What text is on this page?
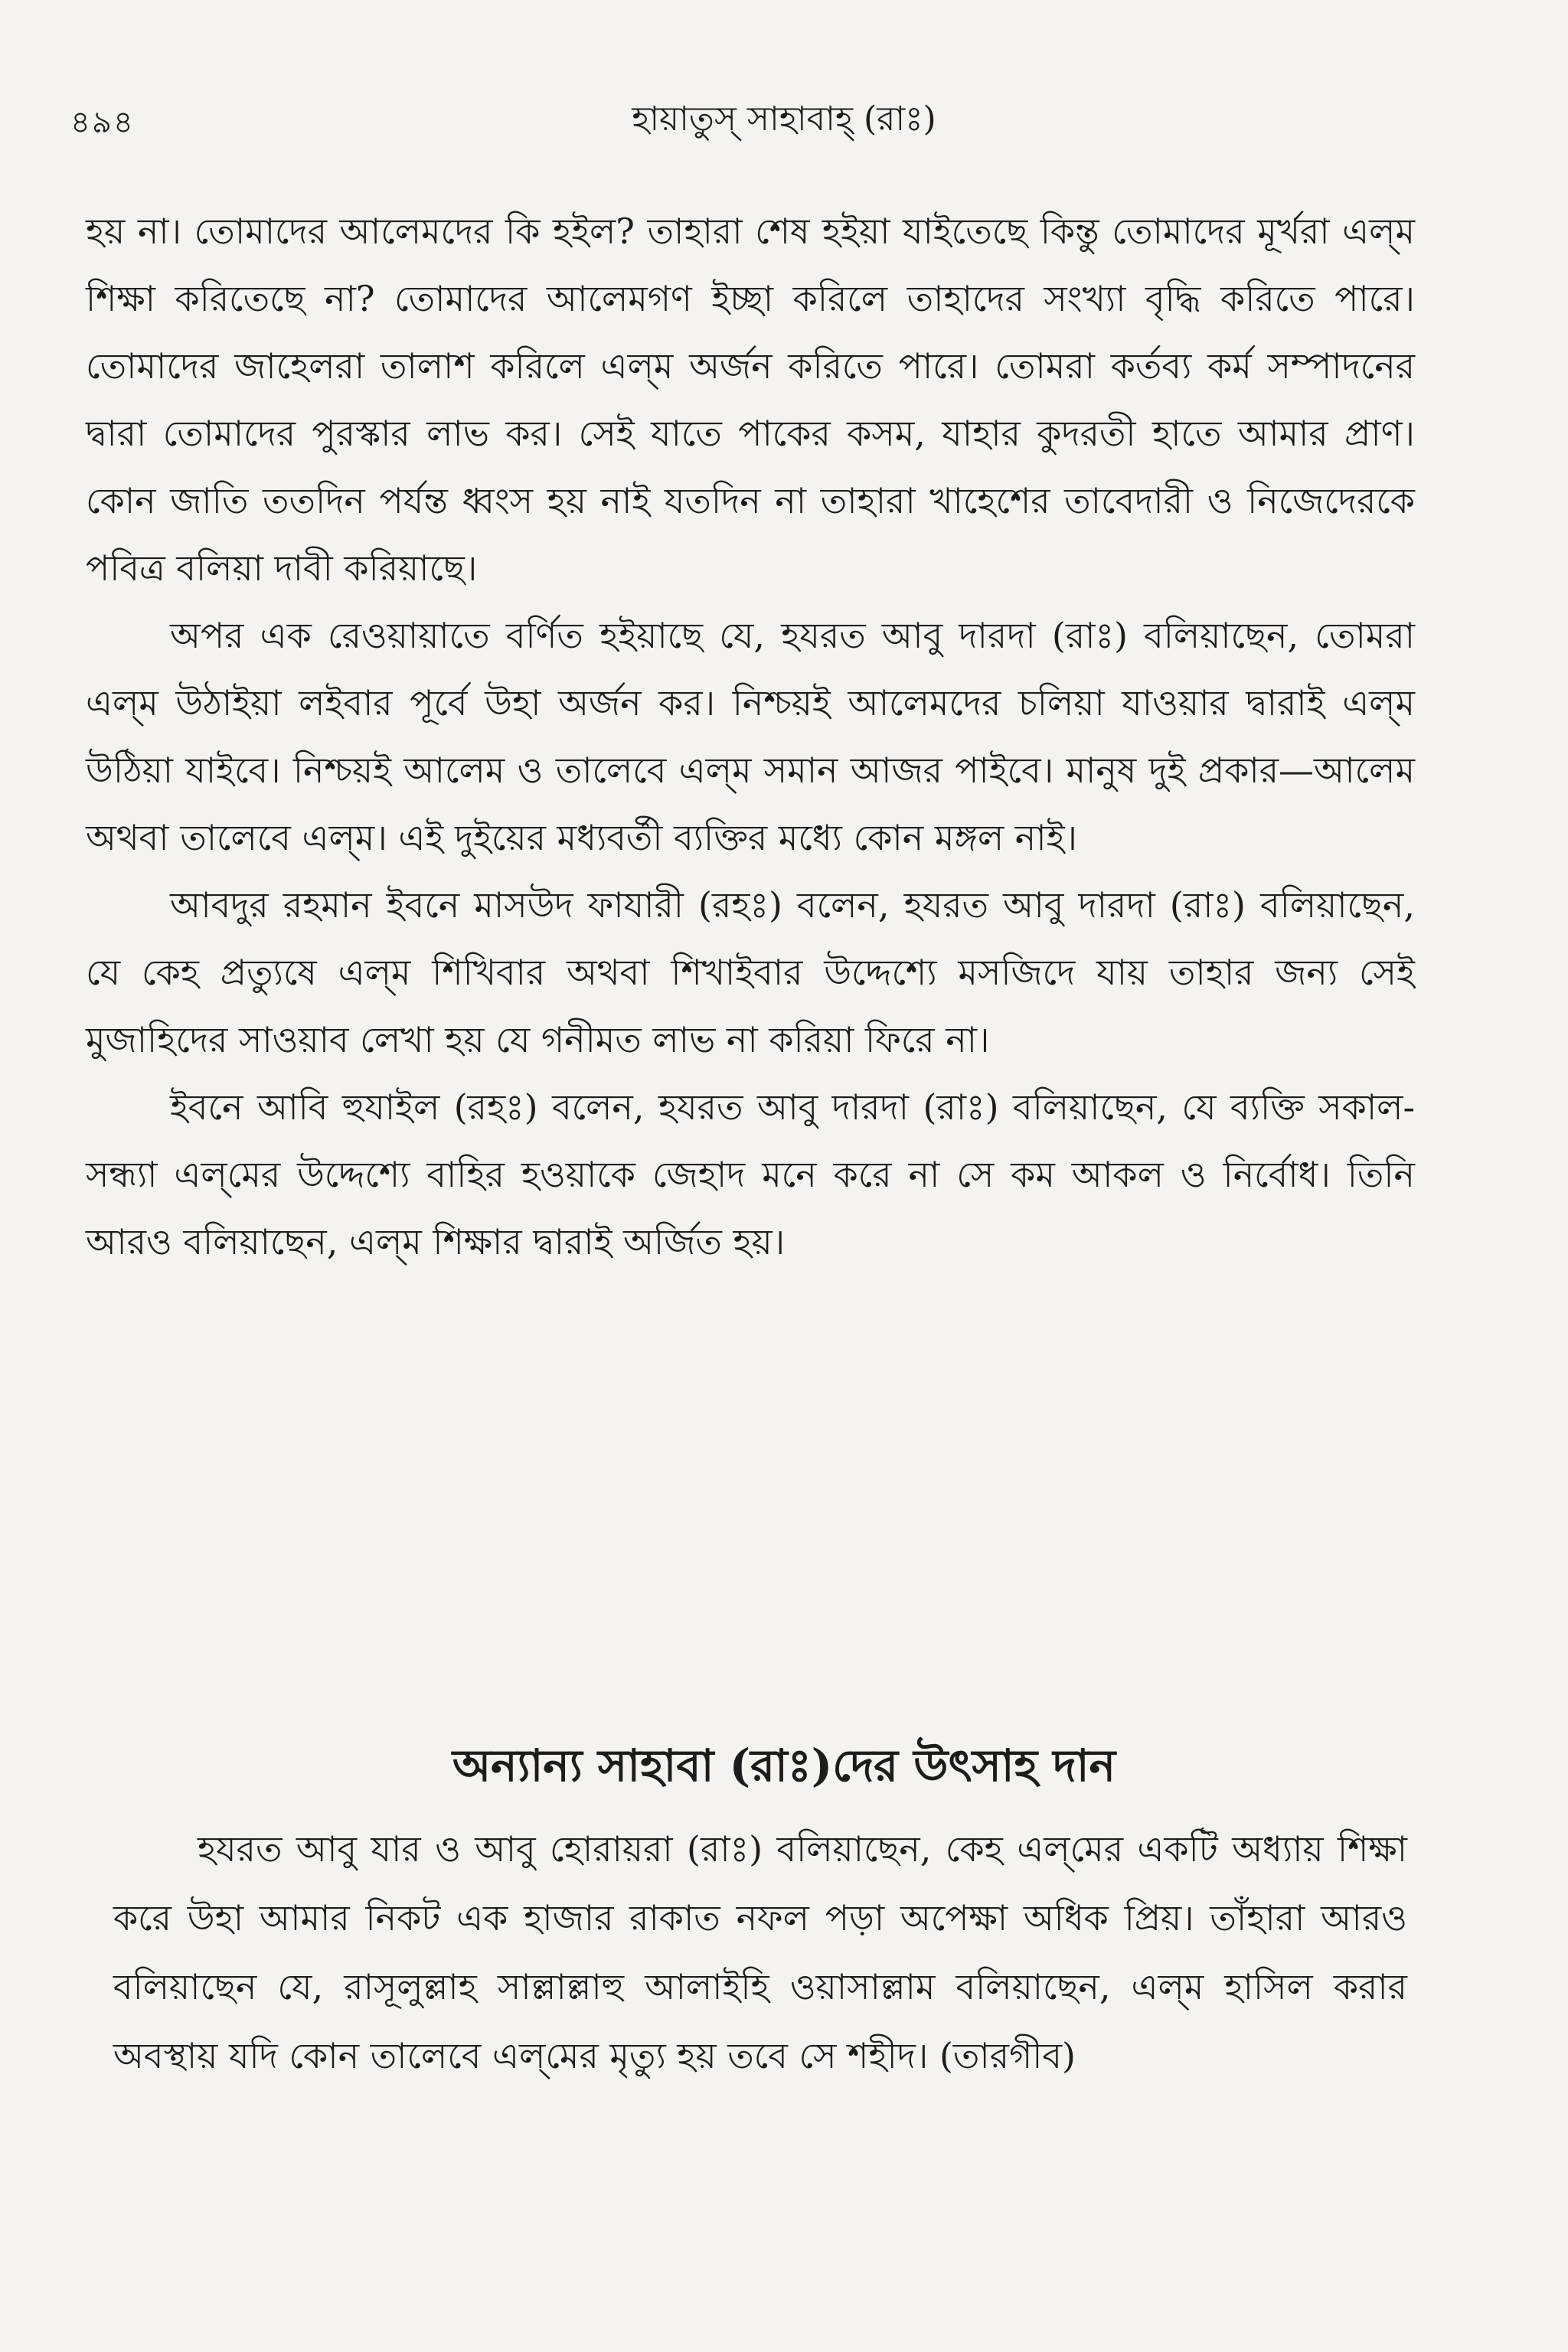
৪৯৪	হায়াতুস্ সাহাবাহ্ (রাঃ)

হয় না। তোমাদের আলেমদের কি হইল? তাহারা শেষ হইয়া যাইতেছে কিন্তু তোমাদের মূর্খরা এল্‌ম শিক্ষা করিতেছে না? তোমাদের আলেমগণ ইচ্ছা করিলে তাহাদের সংখ্যা বৃদ্ধি করিতে পারে। তোমাদের জাহেলরা তালাশ করিলে এল্‌ম অর্জন করিতে পারে। তোমরা কর্তব্য কর্ম সম্পাদনের দ্বারা তোমাদের পুরস্কার লাভ কর। সেই যাতে পাকের কসম, যাহার কুদরতী হাতে আমার প্রাণ। কোন জাতি ততদিন পর্যন্ত ধ্বংস হয় নাই যতদিন না তাহারা খাহেশের তাবেদারী ও নিজেদেরকে পবিত্র বলিয়া দাবী করিয়াছে।

অপর এক রেওয়ায়াতে বর্ণিত হইয়াছে যে, হযরত আবু দারদা (রাঃ) বলিয়াছেন, তোমরা এল্‌ম উঠাইয়া লইবার পূর্বে উহা অর্জন কর। নিশ্চয়ই আলেমদের চলিয়া যাওয়ার দ্বারাই এল্‌ম উঠিয়া যাইবে। নিশ্চয়ই আলেম ও তালেবে এল্‌ম সমান আজর পাইবে। মানুষ দুই প্রকার—আলেম অথবা তালেবে এল্‌ম। এই দুইয়ের মধ্যবর্তী ব্যক্তির মধ্যে কোন মঙ্গল নাই।

আবদুর রহমান ইবনে মাসউদ ফাযারী (রহঃ) বলেন, হযরত আবু দারদা (রাঃ) বলিয়াছেন, যে কেহ প্রত্যুষে এল্‌ম শিখিবার অথবা শিখাইবার উদ্দেশ্যে মসজিদে যায় তাহার জন্য সেই মুজাহিদের সাওয়াব লেখা হয় যে গনীমত লাভ না করিয়া ফিরে না।

ইবনে আবি হুযাইল (রহঃ) বলেন, হযরত আবু দারদা (রাঃ) বলিয়াছেন, যে ব্যক্তি সকাল-সন্ধ্যা এল্‌মের উদ্দেশ্যে বাহির হওয়াকে জেহাদ মনে করে না সে কম আকল ও নির্বোধ। তিনি আরও বলিয়াছেন, এল্‌ম শিক্ষার দ্বারাই অর্জিত হয়।

অন্যান্য সাহাবা (রাঃ)দের উৎসাহ দান

হযরত আবু যার ও আবু হোরায়রা (রাঃ) বলিয়াছেন, কেহ এল্‌মের একটি অধ্যায় শিক্ষা করে উহা আমার নিকট এক হাজার রাকাত নফল পড়া অপেক্ষা অধিক প্রিয়। তাঁহারা আরও বলিয়াছেন যে, রাসূলুল্লাহ সাল্লাল্লাহু আলাইহি ওয়াসাল্লাম বলিয়াছেন, এল্‌ম হাসিল করার অবস্থায় যদি কোন তালেবে এল্‌মের মৃত্যু হয় তবে সে শহীদ। (তারগীব)
